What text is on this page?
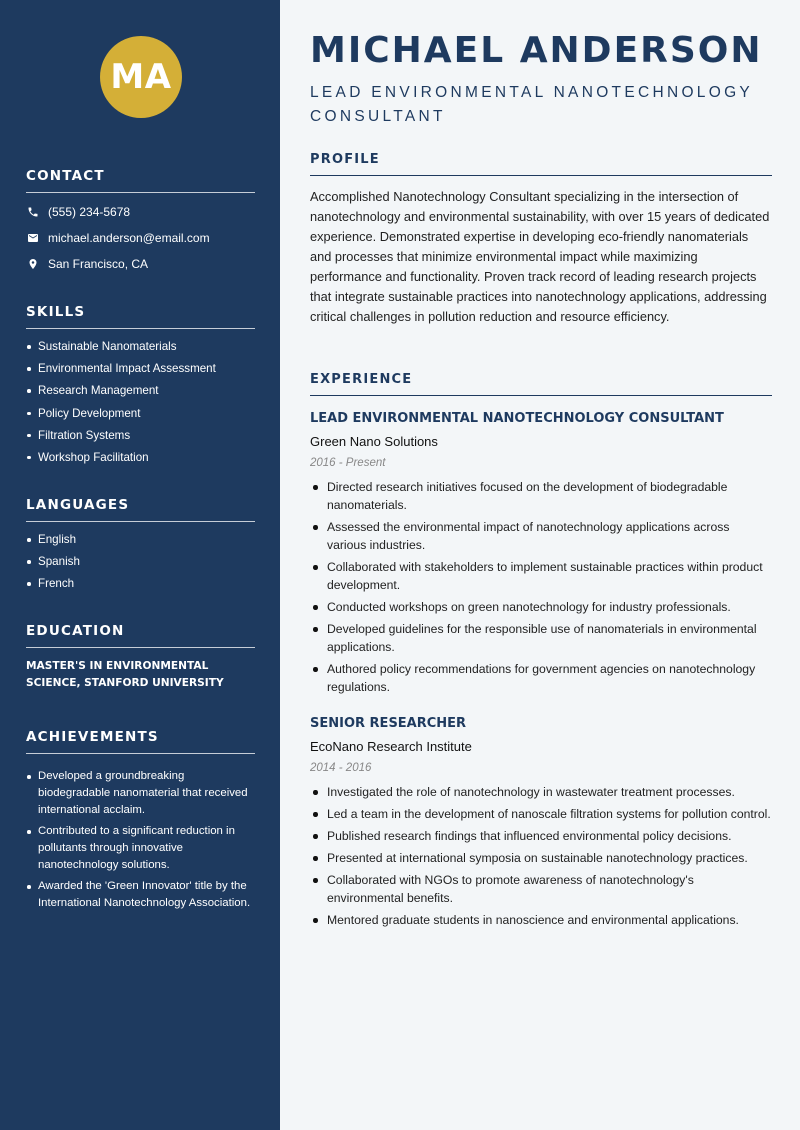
MA
CONTACT
(555) 234-5678
michael.anderson@email.com
San Francisco, CA
SKILLS
Sustainable Nanomaterials
Environmental Impact Assessment
Research Management
Policy Development
Filtration Systems
Workshop Facilitation
LANGUAGES
English
Spanish
French
EDUCATION
MASTER'S IN ENVIRONMENTAL SCIENCE, STANFORD UNIVERSITY
ACHIEVEMENTS
Developed a groundbreaking biodegradable nanomaterial that received international acclaim.
Contributed to a significant reduction in pollutants through innovative nanotechnology solutions.
Awarded the 'Green Innovator' title by the International Nanotechnology Association.
MICHAEL ANDERSON
LEAD ENVIRONMENTAL NANOTECHNOLOGY CONSULTANT
PROFILE

Accomplished Nanotechnology Consultant specializing in the intersection of nanotechnology and environmental sustainability, with over 15 years of dedicated experience. Demonstrated expertise in developing eco-friendly nanomaterials and processes that minimize environmental impact while maximizing performance and functionality. Proven track record of leading research projects that integrate sustainable practices into nanotechnology applications, addressing critical challenges in pollution reduction and resource efficiency.

EXPERIENCE
LEAD ENVIRONMENTAL NANOTECHNOLOGY CONSULTANT
Green Nano Solutions
2016 - Present
Directed research initiatives focused on the development of biodegradable nanomaterials.
Assessed the environmental impact of nanotechnology applications across various industries.
Collaborated with stakeholders to implement sustainable practices within product development.
Conducted workshops on green nanotechnology for industry professionals.
Developed guidelines for the responsible use of nanomaterials in environmental applications.
Authored policy recommendations for government agencies on nanotechnology regulations.
SENIOR RESEARCHER
EcoNano Research Institute
2014 - 2016
Investigated the role of nanotechnology in wastewater treatment processes.
Led a team in the development of nanoscale filtration systems for pollution control.
Published research findings that influenced environmental policy decisions.
Presented at international symposia on sustainable nanotechnology practices.
Collaborated with NGOs to promote awareness of nanotechnology's environmental benefits.
Mentored graduate students in nanoscience and environmental applications.
